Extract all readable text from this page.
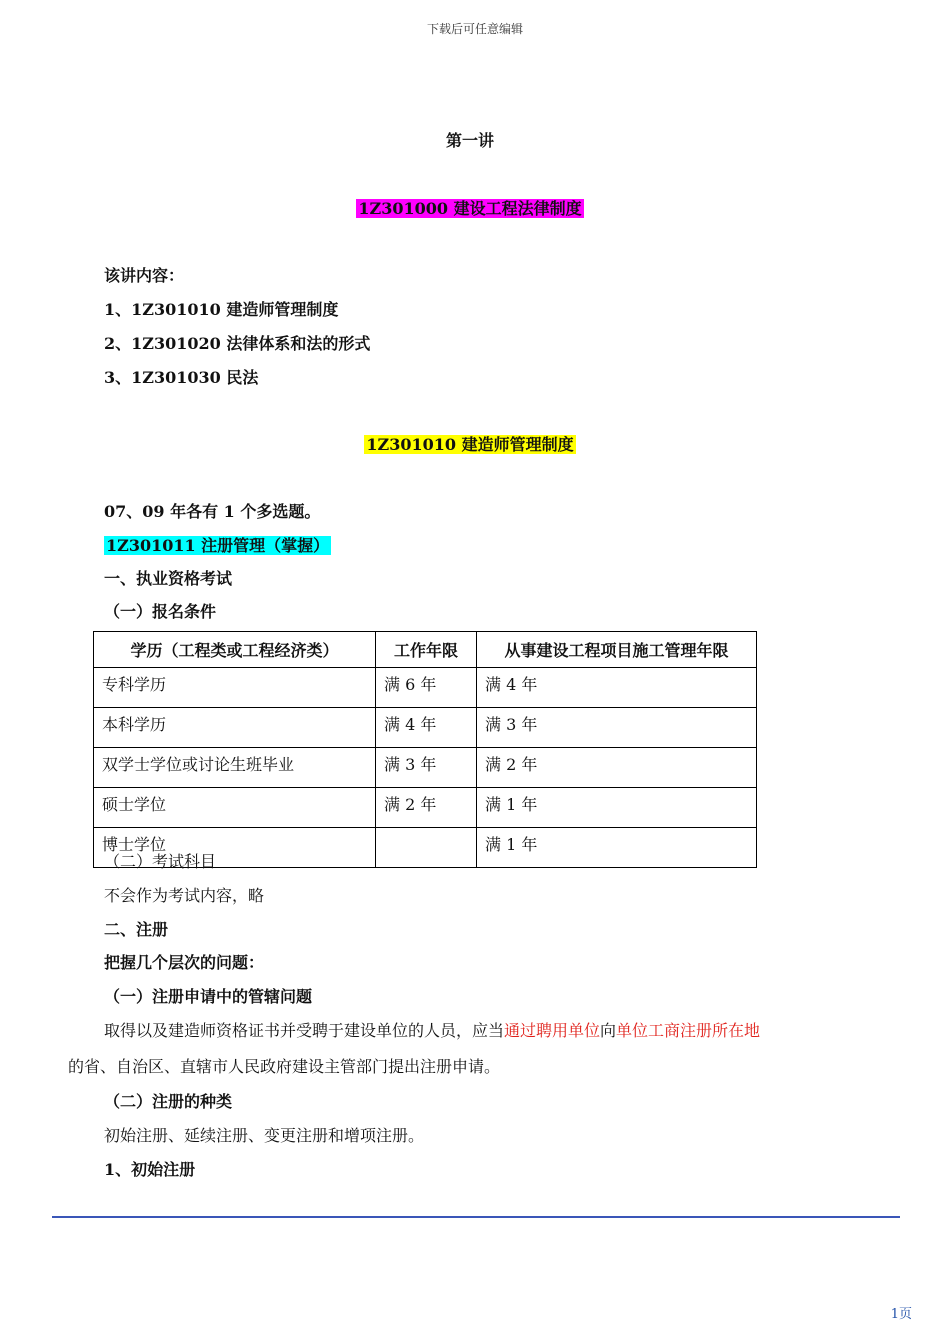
下载后可任意编辑
第一讲
1Z301000 建设工程法律制度
该讲内容：
1、1Z301010 建造师管理制度
2、1Z301020 法律体系和法的形式
3、1Z301030 民法
1Z301010 建造师管理制度
07、09 年各有 1 个多选题。
1Z301011 注册管理（掌握）
一、执业资格考试
（一）报名条件
学历（工程类或工程经济类）	工作年限	从事建设工程项目施工管理年限
专科学历	满 6 年	满 4 年
本科学历	满 4 年	满 3 年
双学士学位或讨论生班毕业	满 3 年	满 2 年
硕士学位	满 2 年	满 1 年
博士学位		满 1 年
（二）考试科目
不会作为考试内容，略
二、注册
把握几个层次的问题：
（一）注册申请中的管辖问题
取得以及建造师资格证书并受聘于建设单位的人员，应当通过聘用单位向单位工商注册所在地
的省、自治区、直辖市人民政府建设主管部门提出注册申请。
（二）注册的种类
初始注册、延续注册、变更注册和增项注册。
1、初始注册
1页
